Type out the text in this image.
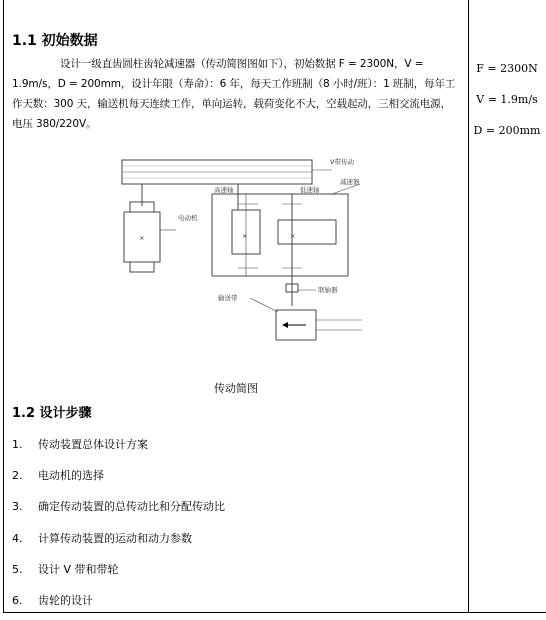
1.1 初始数据
设计一级直齿圆柱齿轮减速器（传动简图图如下），初始数据 F = 2300N，V = 1.9m/s，D = 200mm，设计年限（寿命）：6 年，每天工作班制（8 小时/班）：1 班制，每年工作天数：300 天，输送机每天连续工作，单向运转，载荷变化不大，空载起动，三相交流电源，电压 380/220V。
×
电动机
×	×
高速轴	低速轴
V带传动
减速器
联轴器
输送带
传动简图
1.2 设计步骤
1. 传动装置总体设计方案
2. 电动机的选择
3. 确定传动装置的总传动比和分配传动比
4. 计算传动装置的运动和动力参数
5. 设计 V 带和带轮
6. 齿轮的设计
F = 2300N
V = 1.9m/s
D = 200mm
